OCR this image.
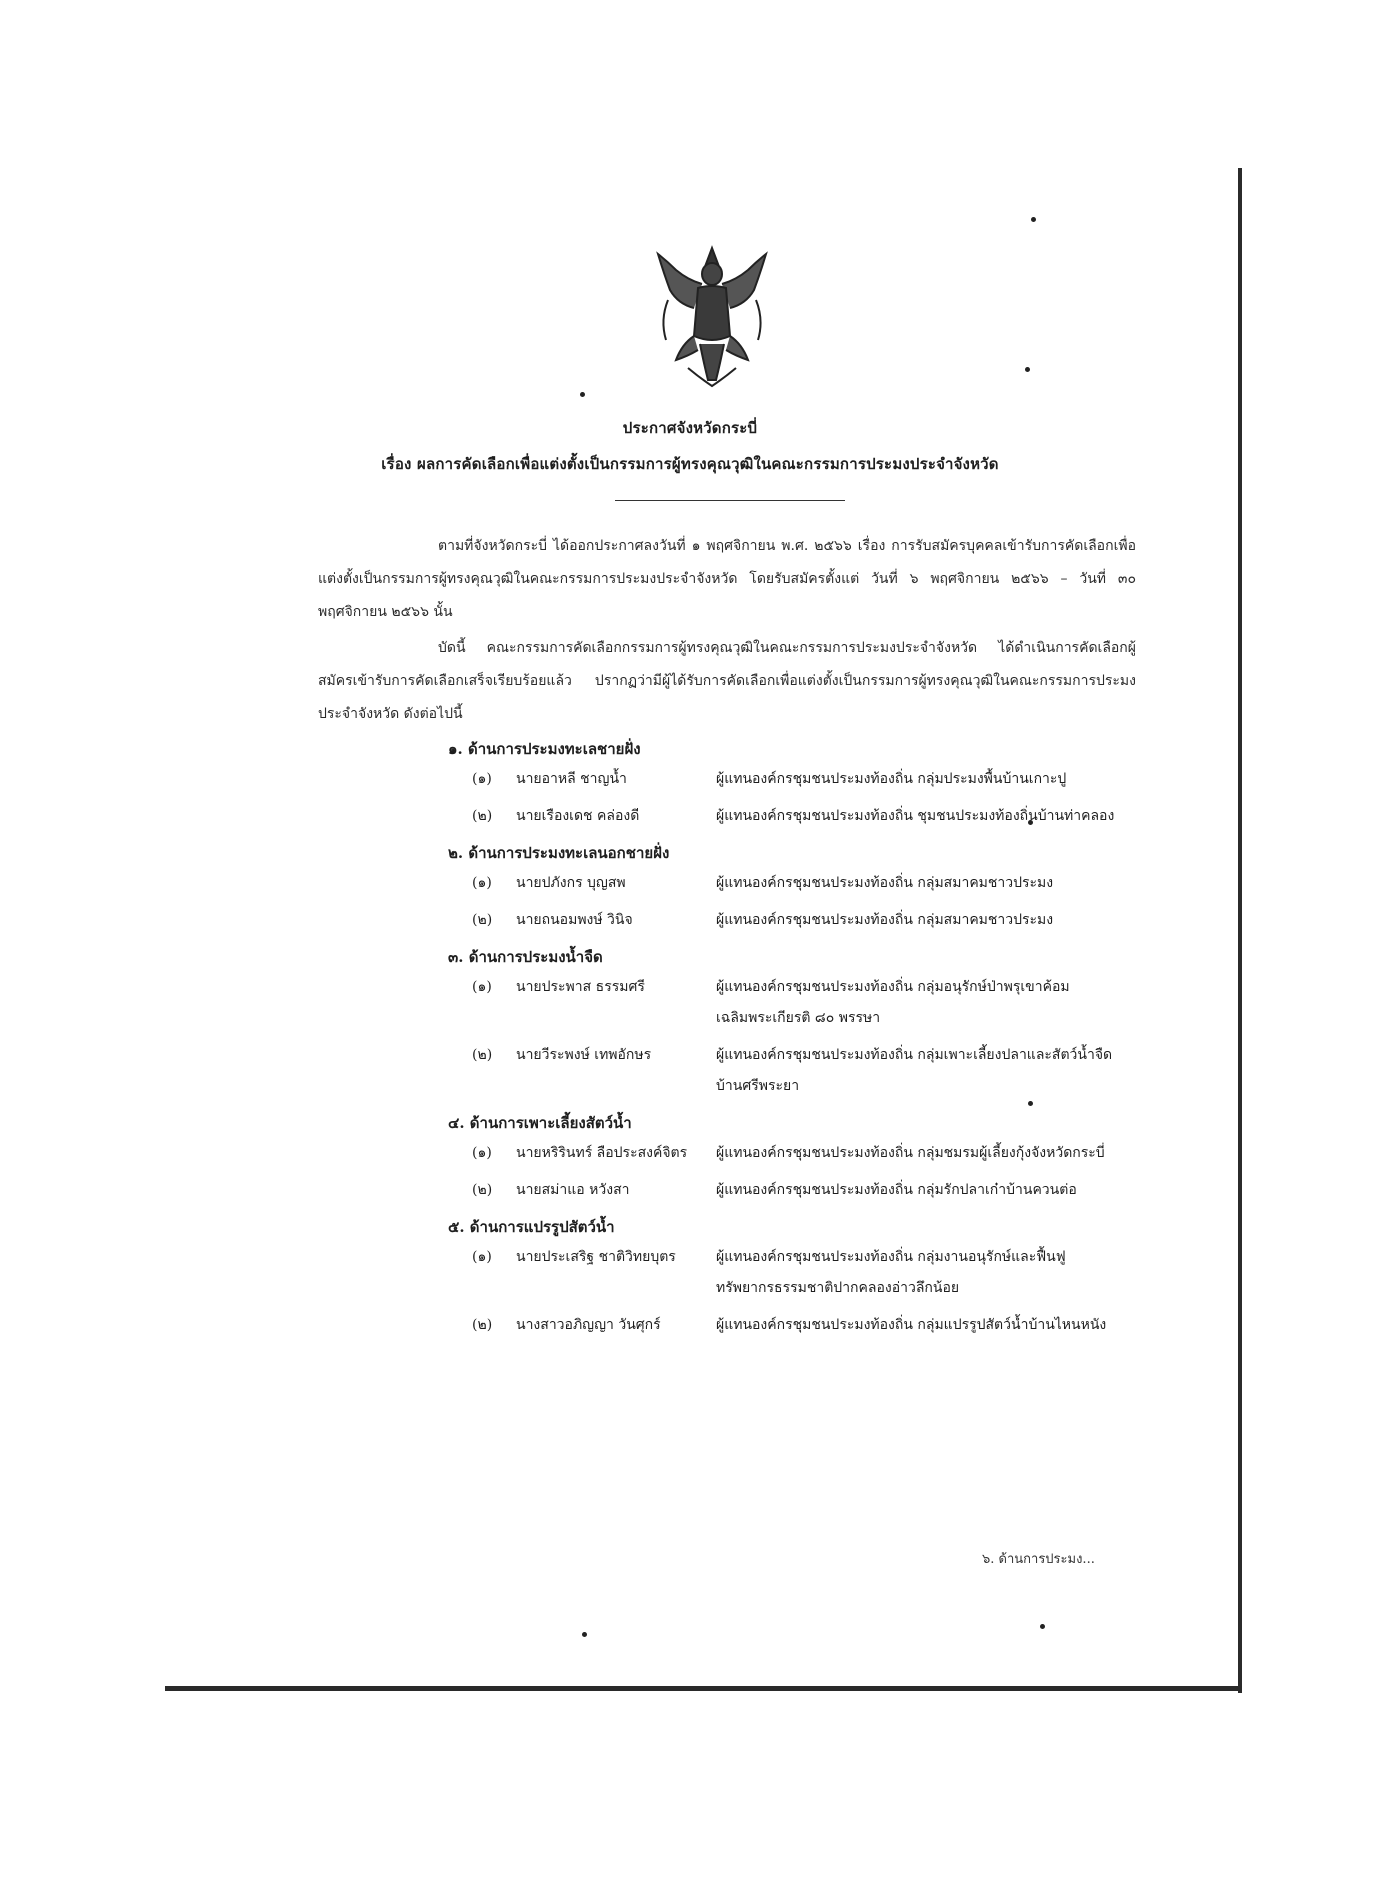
ประกาศจังหวัดกระบี่
เรื่อง ผลการคัดเลือกเพื่อแต่งตั้งเป็นกรรมการผู้ทรงคุณวุฒิในคณะกรรมการประมงประจำจังหวัด
ตามที่จังหวัดกระบี่ ได้ออกประกาศลงวันที่ ๑ พฤศจิกายน พ.ศ. ๒๕๖๖ เรื่อง การรับสมัครบุคคลเข้ารับการคัดเลือกเพื่อแต่งตั้งเป็นกรรมการผู้ทรงคุณวุฒิในคณะกรรมการประมงประจำจังหวัด โดยรับสมัครตั้งแต่ วันที่ ๖ พฤศจิกายน ๒๕๖๖ – วันที่ ๓๐ พฤศจิกายน ๒๕๖๖ นั้น
บัดนี้ คณะกรรมการคัดเลือกกรรมการผู้ทรงคุณวุฒิในคณะกรรมการประมงประจำจังหวัด ได้ดำเนินการคัดเลือกผู้สมัครเข้ารับการคัดเลือกเสร็จเรียบร้อยแล้ว ปรากฏว่ามีผู้ได้รับการคัดเลือกเพื่อแต่งตั้งเป็นกรรมการผู้ทรงคุณวุฒิในคณะกรรมการประมงประจำจังหวัด ดังต่อไปนี้
๑. ด้านการประมงทะเลชายฝั่ง
(๑)	นายอาหลี ชาญน้ำ	ผู้แทนองค์กรชุมชนประมงท้องถิ่น กลุ่มประมงพื้นบ้านเกาะปู
(๒)	นายเรืองเดช คล่องดี	ผู้แทนองค์กรชุมชนประมงท้องถิ่น ชุมชนประมงท้องถิ่นบ้านท่าคลอง
๒. ด้านการประมงทะเลนอกชายฝั่ง
(๑)	นายปภังกร บุญสพ	ผู้แทนองค์กรชุมชนประมงท้องถิ่น กลุ่มสมาคมชาวประมง
(๒)	นายถนอมพงษ์ วินิจ	ผู้แทนองค์กรชุมชนประมงท้องถิ่น กลุ่มสมาคมชาวประมง
๓. ด้านการประมงน้ำจืด
(๑)	นายประพาส ธรรมศรี	ผู้แทนองค์กรชุมชนประมงท้องถิ่น กลุ่มอนุรักษ์ป่าพรุเขาค้อมเฉลิมพระเกียรติ ๘๐ พรรษา
(๒)	นายวีระพงษ์ เทพอักษร	ผู้แทนองค์กรชุมชนประมงท้องถิ่น กลุ่มเพาะเลี้ยงปลาและสัตว์น้ำจืดบ้านศรีพระยา
๔. ด้านการเพาะเลี้ยงสัตว์น้ำ
(๑)	นายหริรินทร์ ลือประสงค์จิตร	ผู้แทนองค์กรชุมชนประมงท้องถิ่น กลุ่มชมรมผู้เลี้ยงกุ้งจังหวัดกระบี่
(๒)	นายสม่าแอ หวังสา	ผู้แทนองค์กรชุมชนประมงท้องถิ่น กลุ่มรักปลาเก๋าบ้านควนต่อ
๕. ด้านการแปรรูปสัตว์น้ำ
(๑)	นายประเสริฐ ชาติวิทยบุตร	ผู้แทนองค์กรชุมชนประมงท้องถิ่น กลุ่มงานอนุรักษ์และฟื้นฟูทรัพยากรธรรมชาติปากคลองอ่าวลึกน้อย
(๒)	นางสาวอภิญญา วันศุกร์	ผู้แทนองค์กรชุมชนประมงท้องถิ่น กลุ่มแปรรูปสัตว์น้ำบ้านไหนหนัง
๖. ด้านการประมง...
